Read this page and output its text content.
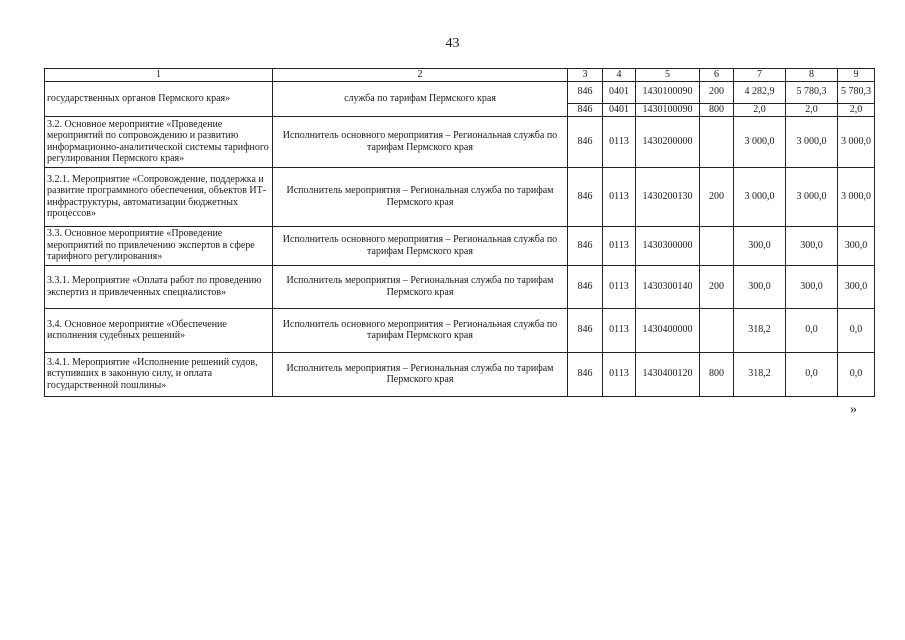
43
1	2	3	4	5	6	7	8	9
государственных органов Пермского края»	служба по тарифам Пермского края	846	0401	1430100090	200	4 282,9	5 780,3	5 780,3
		846	0401	1430100090	800	2,0	2,0	2,0
3.2. Основное мероприятие «Проведение мероприятий по сопровождению и развитию информационно-аналитической системы тарифного регулирования Пермского края»	Исполнитель основного мероприятия – Региональная служба по тарифам Пермского края	846	0113	1430200000		3 000,0	3 000,0	3 000,0
3.2.1. Мероприятие «Сопровождение, поддержка и развитие программного обеспечения, объектов ИТ-инфраструктуры, автоматизации бюджетных процессов»	Исполнитель мероприятия – Региональная служба по тарифам Пермского края	846	0113	1430200130	200	3 000,0	3 000,0	3 000,0
3.3. Основное мероприятие «Проведение мероприятий по привлечению экспертов в сфере тарифного регулирования»	Исполнитель основного мероприятия – Региональная служба по тарифам Пермского края	846	0113	1430300000		300,0	300,0	300,0
3.3.1. Мероприятие «Оплата работ по проведению экспертиз и привлеченных специалистов»	Исполнитель мероприятия – Региональная служба по тарифам Пермского края	846	0113	1430300140	200	300,0	300,0	300,0
3.4. Основное мероприятие «Обеспечение исполнения судебных решений»	Исполнитель основного мероприятия – Региональная служба по тарифам Пермского края	846	0113	1430400000		318,2	0,0	0,0
3.4.1. Мероприятие «Исполнение решений судов, вступивших в законную силу, и оплата государственной пошлины»	Исполнитель мероприятия – Региональная служба по тарифам Пермского края	846	0113	1430400120	800	318,2	0,0	0,0
»
